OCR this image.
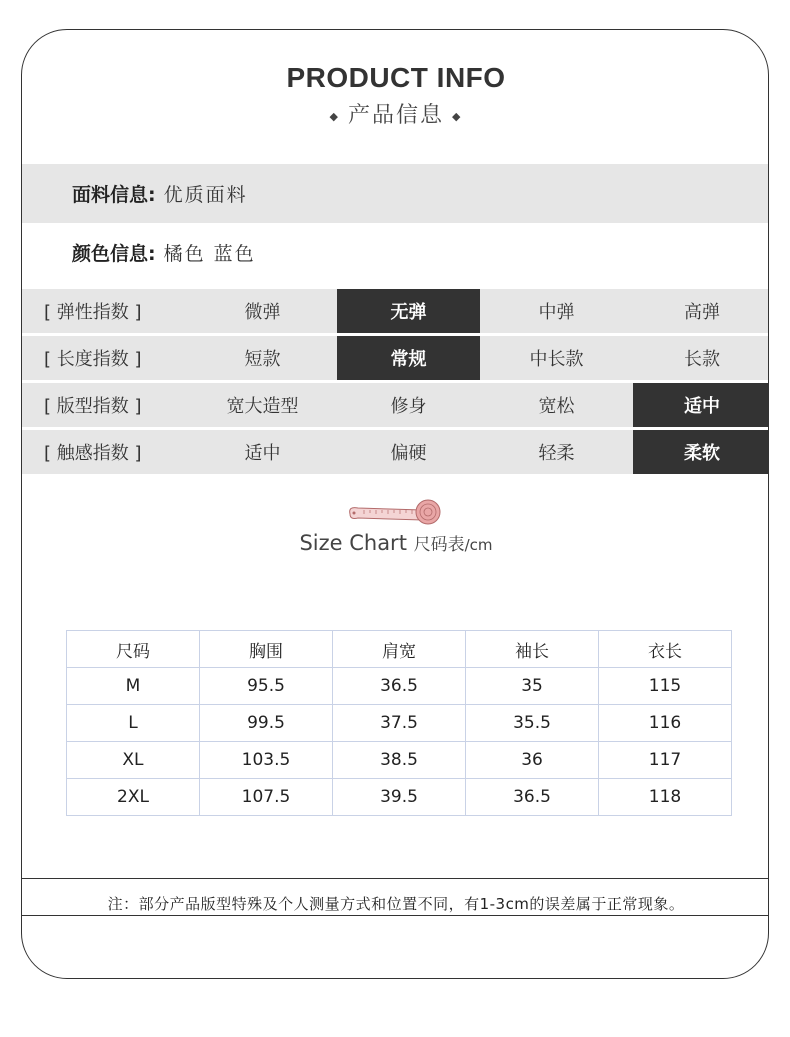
PRODUCT INFO
◆ 产品信息 ◆
面料信息: 优质面料
颜色信息: 橘色 蓝色
[ 弹性指数 ]	微弹	无弹	中弹	高弹
[ 长度指数 ]	短款	常规	中长款	长款
[ 版型指数 ]	宽大造型	修身	宽松	适中
[ 触感指数 ]	适中	偏硬	轻柔	柔软
Size Chart 尺码表/cm
尺码	胸围	肩宽	袖长	衣长
M	95.5	36.5	35	115
L	99.5	37.5	35.5	116
XL	103.5	38.5	36	117
2XL	107.5	39.5	36.5	118
注：部分产品版型特殊及个人测量方式和位置不同，有1-3cm的误差属于正常现象。
